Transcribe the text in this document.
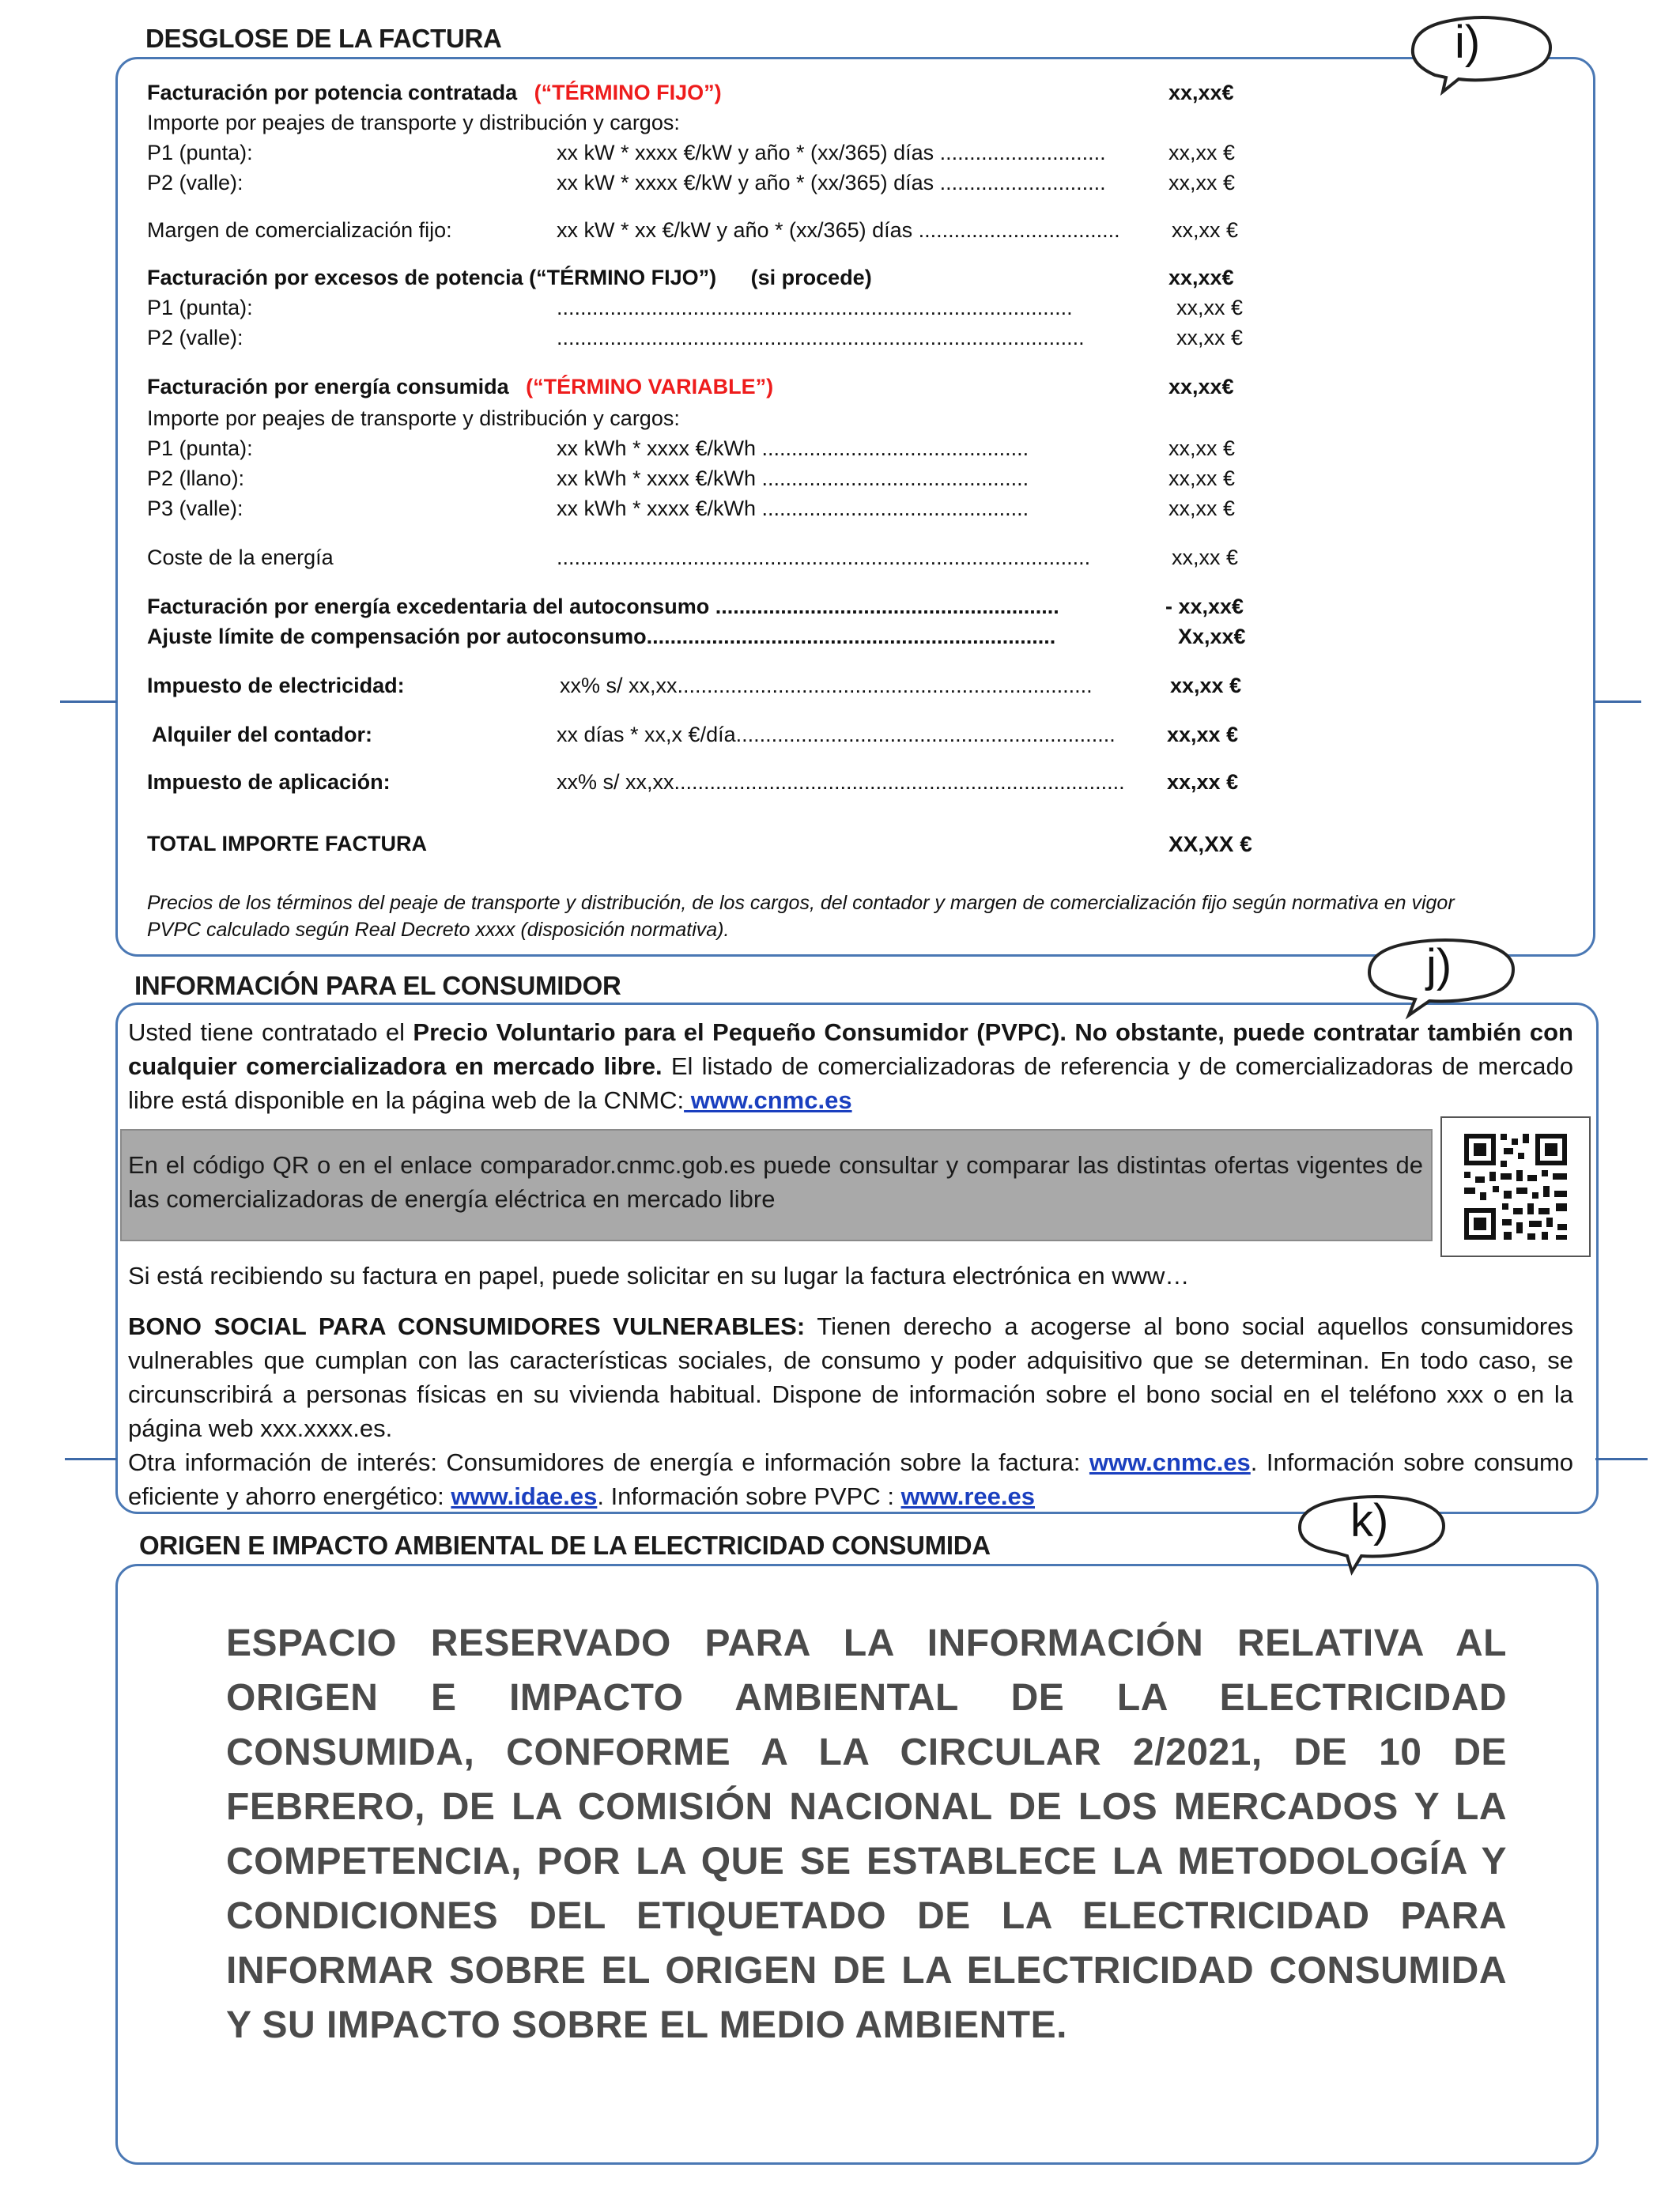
DESGLOSE DE LA FACTURA	i)
Facturación por potencia contratada (“TÉRMINO FIJO”)	xx,xx€
Importe por peajes de transporte y distribución y cargos:
P1 (punta):	xx kW * xxxx €/kW y año * (xx/365) días ............................	xx,xx €
P2 (valle):	xx kW * xxxx €/kW y año * (xx/365) días ............................	xx,xx €
Margen de comercialización fijo:	xx kW * xx €/kW y año * (xx/365) días .................................. xx,xx €
Facturación por excesos de potencia (“TÉRMINO FIJO”) (si procede)	xx,xx€
P1 (punta):	.......................................................................................	xx,xx €
P2 (valle):	.........................................................................................	xx,xx €
Facturación por energía consumida (“TÉRMINO VARIABLE”)	xx,xx€
Importe por peajes de transporte y distribución y cargos:
P1 (punta):	xx kWh * xxxx €/kWh .............................................	xx,xx €
P2 (llano):	xx kWh * xxxx €/kWh .............................................	xx,xx €
P3 (valle):	xx kWh * xxxx €/kWh .............................................	xx,xx €
Coste de la energía	..........................................................................................	xx,xx €
Facturación por energía excedentaria del autoconsumo ..........................................................	- xx,xx€
Ajuste límite de compensación por autoconsumo.....................................................................	Xx,xx€
Impuesto de electricidad:	xx% s/ xx,xx......................................................................	xx,xx €
Alquiler del contador:	xx días * xx,x €/día................................................................ xx,xx €
Impuesto de aplicación:	xx% s/ xx,xx............................................................................ xx,xx €
TOTAL IMPORTE FACTURA	XX,XX €
Precios de los términos del peaje de transporte y distribución, de los cargos, del contador y margen de comercialización fijo según normativa en vigor
PVPC calculado según Real Decreto xxxx (disposición normativa).
INFORMACIÓN PARA EL CONSUMIDOR	j)
Usted tiene contratado el Precio Voluntario para el Pequeño Consumidor (PVPC). No obstante, puede contratar también con cualquier comercializadora en mercado libre. El listado de comercializadoras de referencia y de comercializadoras de mercado libre está disponible en la página web de la CNMC: www.cnmc.es
En el código QR o en el enlace comparador.cnmc.gob.es puede consultar y comparar las distintas ofertas vigentes de las comercializadoras de energía eléctrica en mercado libre
Si está recibiendo su factura en papel, puede solicitar en su lugar la factura electrónica en www…
BONO SOCIAL PARA CONSUMIDORES VULNERABLES: Tienen derecho a acogerse al bono social aquellos consumidores vulnerables que cumplan con las características sociales, de consumo y poder adquisitivo que se determinan. En todo caso, se circunscribirá a personas físicas en su vivienda habitual. Dispone de información sobre el bono social en el teléfono xxx o en la página web xxx.xxxx.es.
Otra información de interés: Consumidores de energía e información sobre la factura: www.cnmc.es. Información sobre consumo eficiente y ahorro energético: www.idae.es. Información sobre PVPC : www.ree.es
ORIGEN E IMPACTO AMBIENTAL DE LA ELECTRICIDAD CONSUMIDA	k)
ESPACIO RESERVADO PARA LA INFORMACIÓN RELATIVA AL ORIGEN E IMPACTO AMBIENTAL DE LA ELECTRICIDAD CONSUMIDA, CONFORME A LA CIRCULAR 2/2021, DE 10 DE FEBRERO, DE LA COMISIÓN NACIONAL DE LOS MERCADOS Y LA COMPETENCIA, POR LA QUE SE ESTABLECE LA METODOLOGÍA Y CONDICIONES DEL ETIQUETADO DE LA ELECTRICIDAD PARA INFORMAR SOBRE EL ORIGEN DE LA ELECTRICIDAD CONSUMIDA Y SU IMPACTO SOBRE EL MEDIO AMBIENTE.
